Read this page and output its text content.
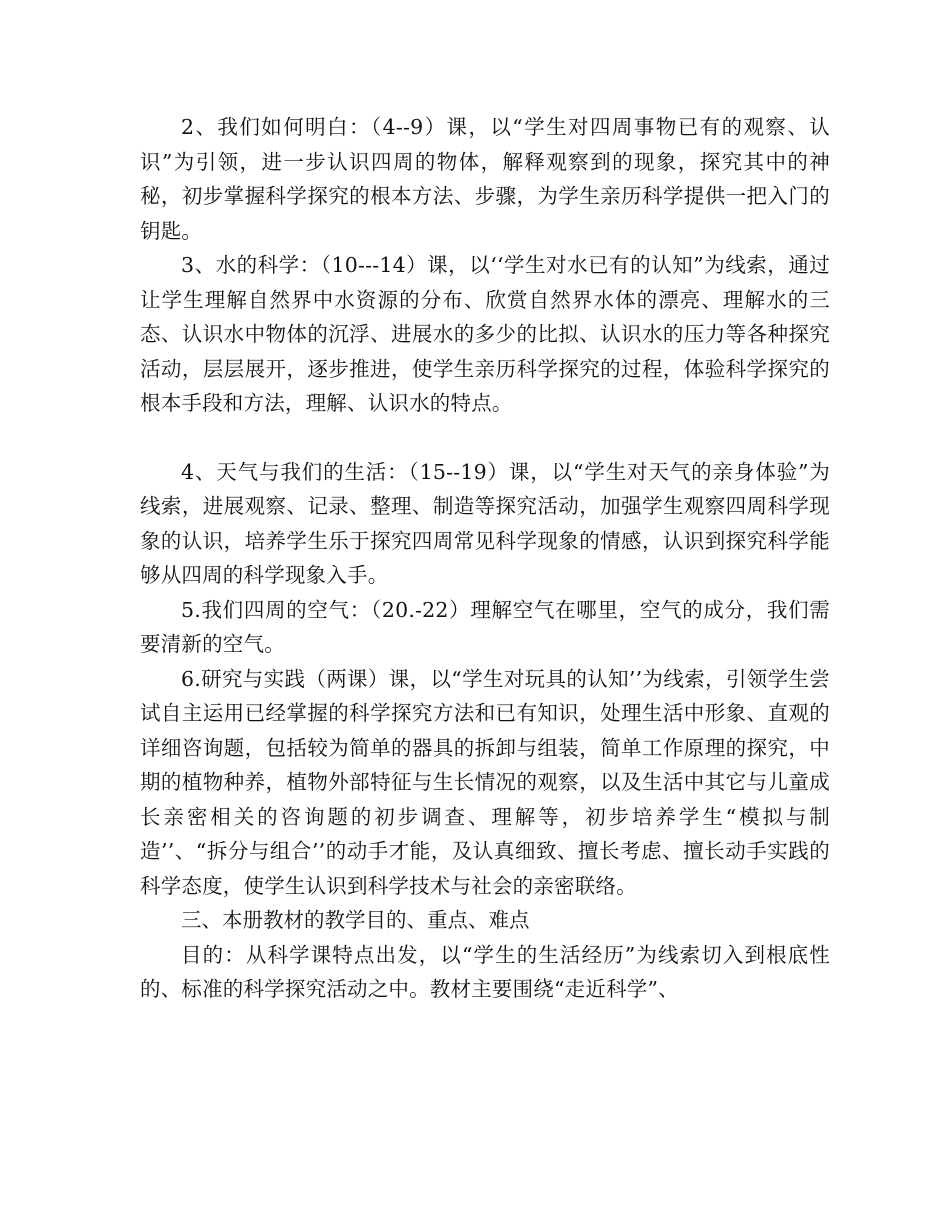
2、我们如何明白：（4--9）课，以“学生对四周事物已有的观察、认识”为引领，进一步认识四周的物体，解释观察到的现象，探究其中的神秘，初步掌握科学探究的根本方法、步骤，为学生亲历科学提供一把入门的钥匙。

3、水的科学：（10---14）课，以‘‘学生对水已有的认知”为线索，通过让学生理解自然界中水资源的分布、欣赏自然界水体的漂亮、理解水的三态、认识水中物体的沉浮、进展水的多少的比拟、认识水的压力等各种探究活动，层层展开，逐步推进，使学生亲历科学探究的过程，体验科学探究的根本手段和方法，理解、认识水的特点。

4、天气与我们的生活：（15--19）课，以“学生对天气的亲身体验”为线索，进展观察、记录、整理、制造等探究活动，加强学生观察四周科学现象的认识，培养学生乐于探究四周常见科学现象的情感，认识到探究科学能够从四周的科学现象入手。

5.我们四周的空气：（20.-22）理解空气在哪里，空气的成分，我们需要清新的空气。

6.研究与实践（两课）课，以“学生对玩具的认知’’为线索，引领学生尝试自主运用已经掌握的科学探究方法和已有知识，处理生活中形象、直观的详细咨询题，包括较为简单的器具的拆卸与组装，简单工作原理的探究，中期的植物种养，植物外部特征与生长情况的观察，以及生活中其它与儿童成长亲密相关的咨询题的初步调查、理解等，初步培养学生“模拟与制造’’、“拆分与组合’’的动手才能，及认真细致、擅长考虑、擅长动手实践的科学态度，使学生认识到科学技术与社会的亲密联络。

三、本册教材的教学目的、重点、难点

目的：从科学课特点出发，以“学生的生活经历”为线索切入到根底性的、标准的科学探究活动之中。教材主要围绕“走近科学”、
